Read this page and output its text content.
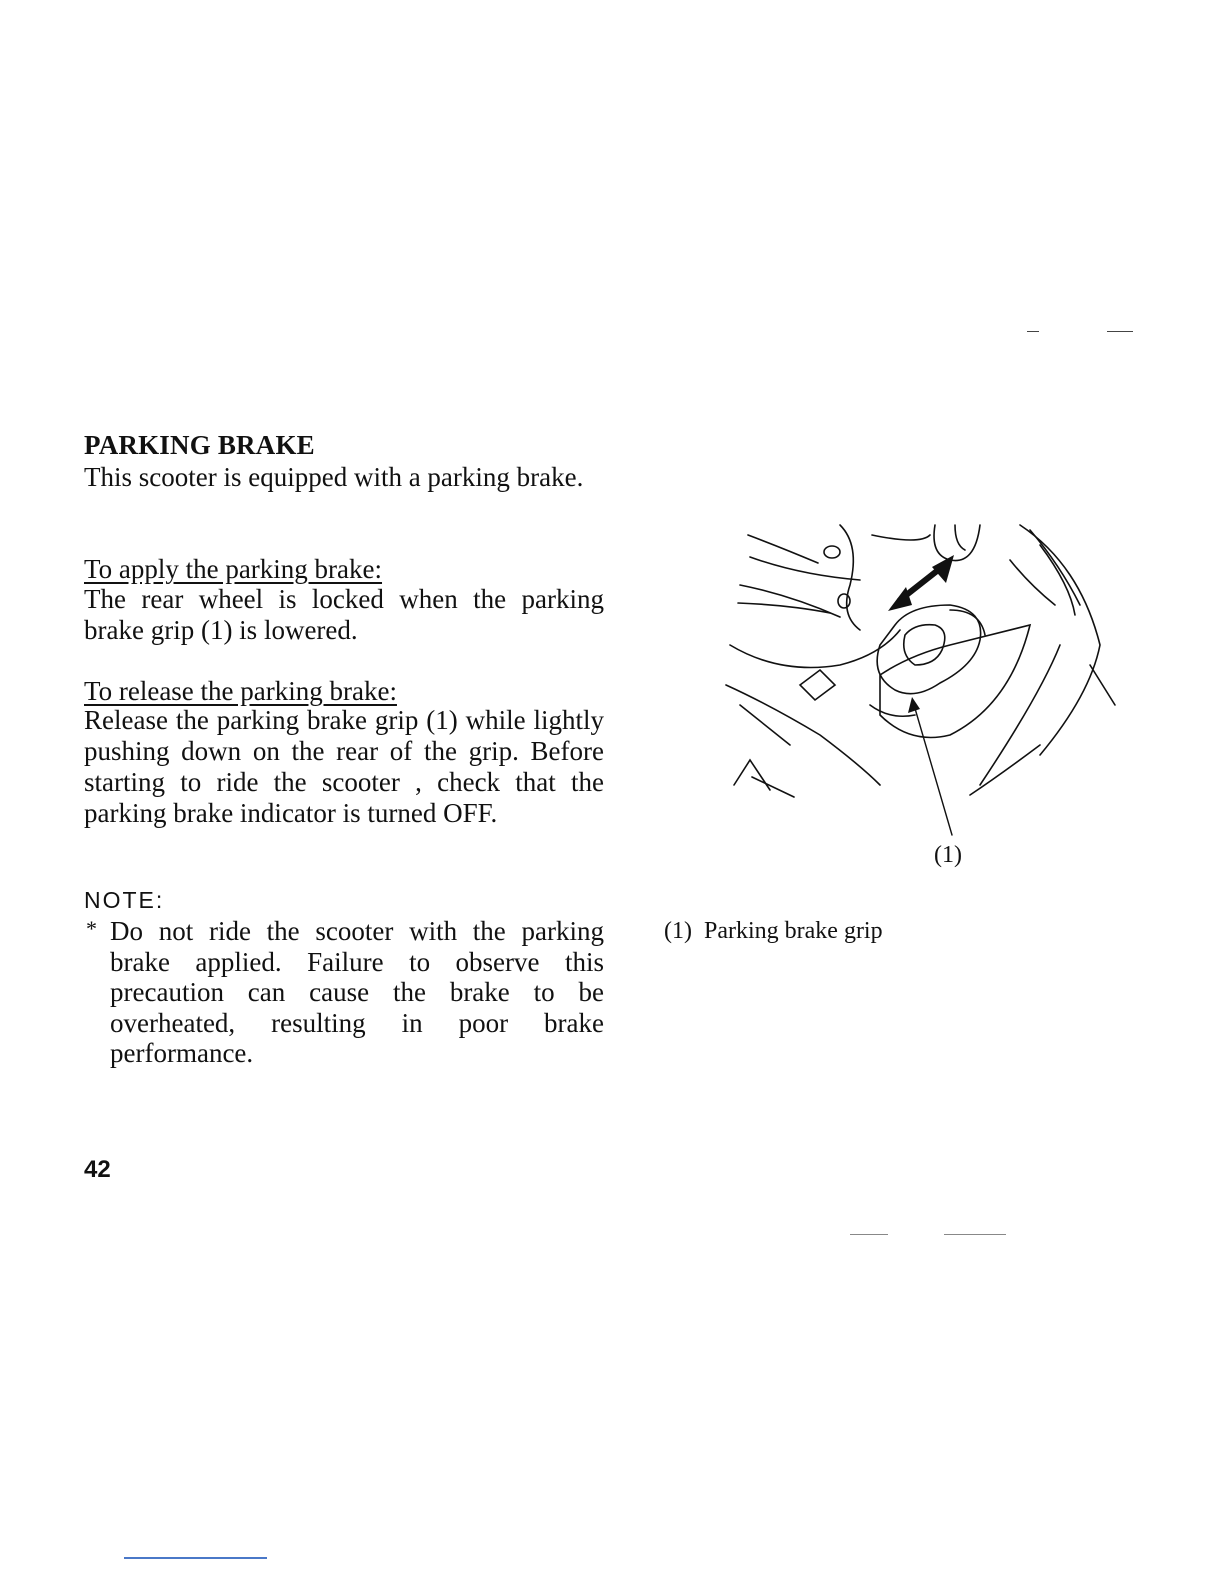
PARKING BRAKE
This scooter is equipped with a parking brake.
To apply the parking brake:
The rear wheel is locked when the parking brake grip (1) is lowered.
To release the parking brake:
Release the parking brake grip (1) while lightly pushing down on the rear of the grip. Before starting to ride the scooter , check that the parking brake indicator is turned OFF.
NOTE:
* Do not ride the scooter with the parking brake applied. Failure to observe this precaution can cause the brake to be overheated, resulting in poor brake performance.
42
(1)
(1)  Parking brake grip
